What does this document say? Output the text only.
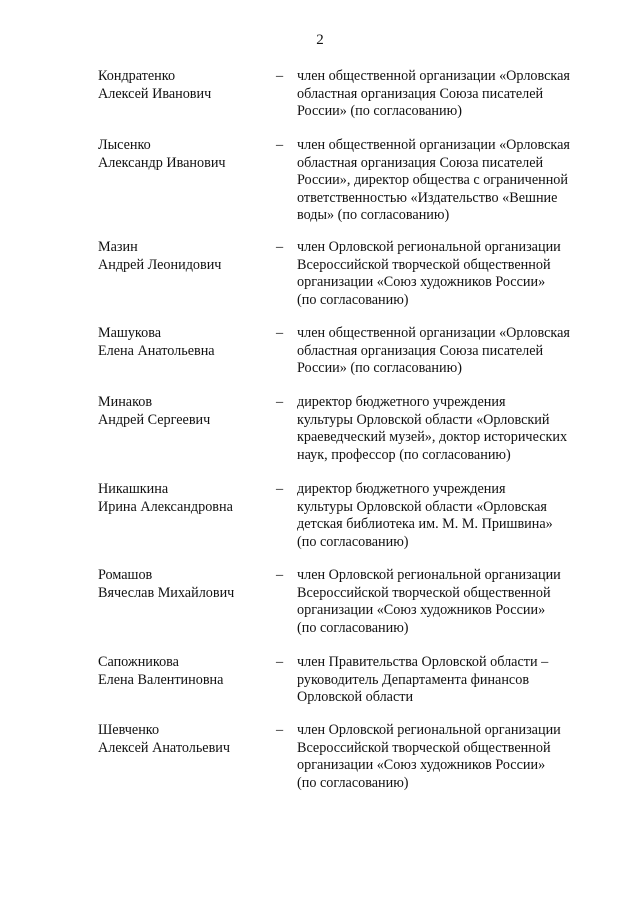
2
Кондратенко
Алексей Иванович
– член общественной организации «Орловская
областная организация Союза писателей
России» (по согласованию)
Лысенко
Александр Иванович
– член общественной организации «Орловская
областная организация Союза писателей
России», директор общества с ограниченной
ответственностью «Издательство «Вешние
воды» (по согласованию)
Мазин
Андрей Леонидович
– член Орловской региональной организации
Всероссийской творческой общественной
организации «Союз художников России»
(по согласованию)
Машукова
Елена Анатольевна
– член общественной организации «Орловская
областная организация Союза писателей
России» (по согласованию)
Минаков
Андрей Сергеевич
– директор бюджетного учреждения
культуры Орловской области «Орловский
краеведческий музей», доктор исторических
наук, профессор (по согласованию)
Никашкина
Ирина Александровна
– директор бюджетного учреждения
культуры Орловской области «Орловская
детская библиотека им. М. М. Пришвина»
(по согласованию)
Ромашов
Вячеслав Михайлович
– член Орловской региональной организации
Всероссийской творческой общественной
организации «Союз художников России»
(по согласованию)
Сапожникова
Елена Валентиновна
– член Правительства Орловской области –
руководитель Департамента финансов
Орловской области
Шевченко
Алексей Анатольевич
– член Орловской региональной организации
Всероссийской творческой общественной
организации «Союз художников России»
(по согласованию)
